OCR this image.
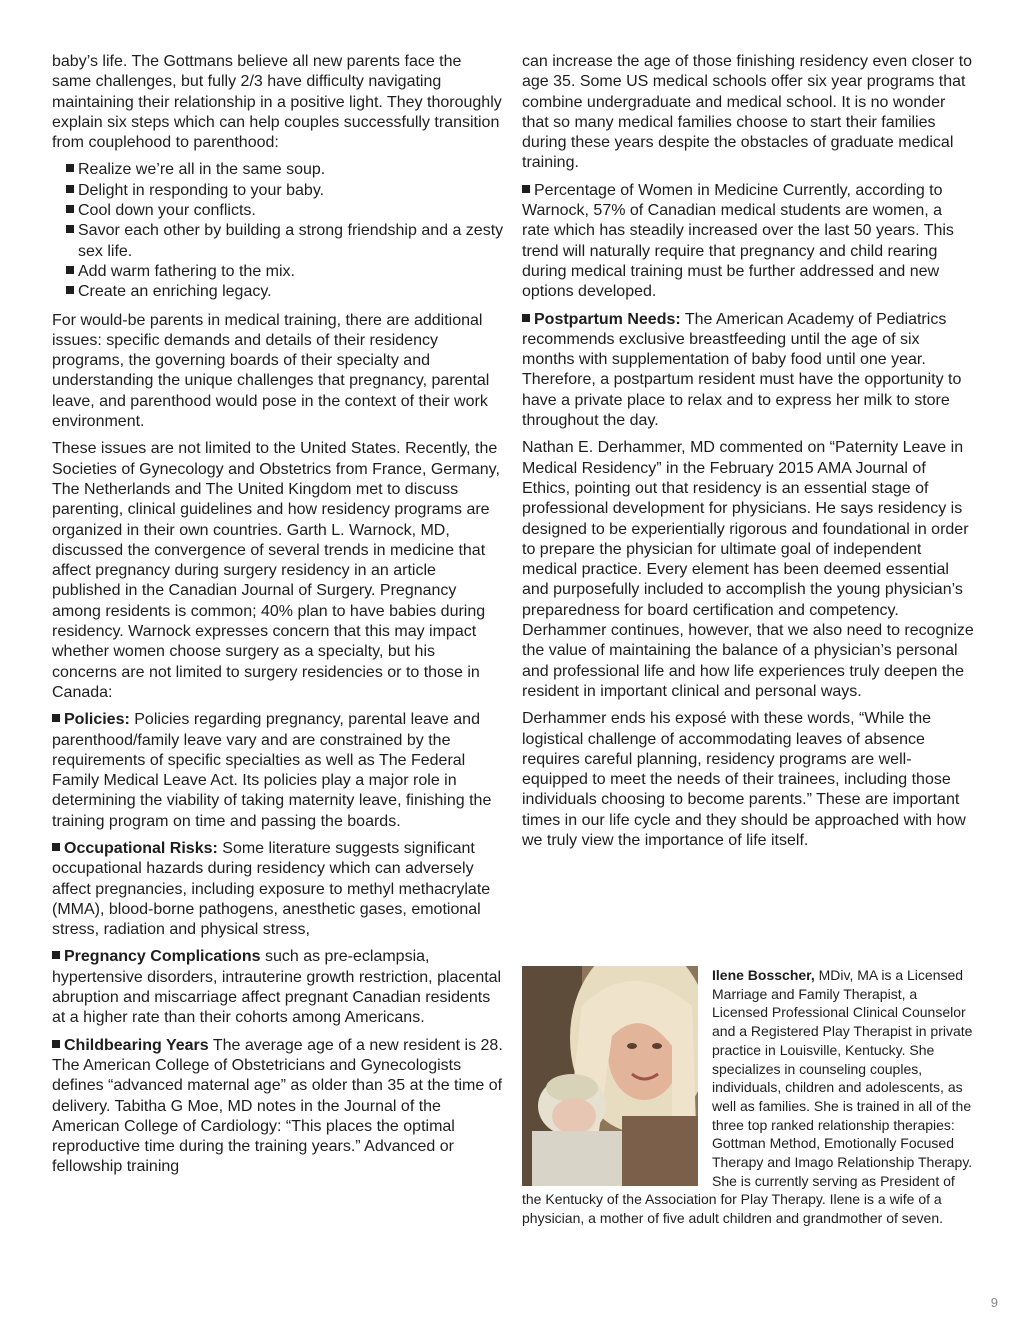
baby’s life. The Gottmans believe all new parents face the same challenges, but fully 2/3 have difficulty navigating maintaining their relationship in a positive light. They thoroughly explain six steps which can help couples successfully transition from couplehood to parenthood:

Realize we’re all in the same soup.
Delight in responding to your baby.
Cool down your conflicts.
Savor each other by building a strong friendship and a zesty sex life.
Add warm fathering to the mix.
Create an enriching legacy.

For would-be parents in medical training, there are additional issues: specific demands and details of their residency programs, the governing boards of their specialty and understanding the unique challenges that pregnancy, parental leave, and parenthood would pose in the context of their work environment.

These issues are not limited to the United States. Recently, the Societies of Gynecology and Obstetrics from France, Germany, The Netherlands and The United Kingdom met to discuss parenting, clinical guidelines and how residency programs are organized in their own countries. Garth L. Warnock, MD, discussed the convergence of several trends in medicine that affect pregnancy during surgery residency in an article published in the Canadian Journal of Surgery. Pregnancy among residents is common; 40% plan to have babies during residency. Warnock expresses concern that this may impact whether women choose surgery as a specialty, but his concerns are not limited to surgery residencies or to those in Canada:

Policies: Policies regarding pregnancy, parental leave and parenthood/family leave vary and are constrained by the requirements of specific specialties as well as The Federal Family Medical Leave Act. Its policies play a major role in determining the viability of taking maternity leave, finishing the training program on time and passing the boards.

Occupational Risks: Some literature suggests significant occupational hazards during residency which can adversely affect pregnancies, including exposure to methyl methacrylate (MMA), blood-borne pathogens, anesthetic gases, emotional stress, radiation and physical stress,

Pregnancy Complications such as pre-eclampsia, hypertensive disorders, intrauterine growth restriction, placental abruption and miscarriage affect pregnant Canadian residents at a higher rate than their cohorts among Americans.

Childbearing Years The average age of a new resident is 28. The American College of Obstetricians and Gynecologists defines “advanced maternal age” as older than 35 at the time of delivery. Tabitha G Moe, MD notes in the Journal of the American College of Cardiology: “This places the optimal reproductive time during the training years.” Advanced or fellowship training

can increase the age of those finishing residency even closer to age 35. Some US medical schools offer six year programs that combine undergraduate and medical school. It is no wonder that so many medical families choose to start their families during these years despite the obstacles of graduate medical training.

Percentage of Women in Medicine Currently, according to Warnock, 57% of Canadian medical students are women, a rate which has steadily increased over the last 50 years. This trend will naturally require that pregnancy and child rearing during medical training must be further addressed and new options developed.

Postpartum Needs: The American Academy of Pediatrics recommends exclusive breastfeeding until the age of six months with supplementation of baby food until one year. Therefore, a postpartum resident must have the opportunity to have a private place to relax and to express her milk to store throughout the day.

Nathan E. Derhammer, MD commented on “Paternity Leave in Medical Residency” in the February 2015 AMA Journal of Ethics, pointing out that residency is an essential stage of professional development for physicians. He says residency is designed to be experientially rigorous and foundational in order to prepare the physician for ultimate goal of independent medical practice. Every element has been deemed essential and purposefully included to accomplish the young physician’s preparedness for board certification and competency. Derhammer continues, however, that we also need to recognize the value of maintaining the balance of a physician’s personal and professional life and how life experiences truly deepen the resident in important clinical and personal ways.

Derhammer ends his exposé with these words, “While the logistical challenge of accommodating leaves of absence requires careful planning, residency programs are well-equipped to meet the needs of their trainees, including those individuals choosing to become parents.” These are important times in our life cycle and they should be approached with how we truly view the importance of life itself.

Ilene Bosscher, MDiv, MA is a Licensed Marriage and Family Therapist, a Licensed Professional Clinical Counselor and a Registered Play Therapist in private practice in Louisville, Kentucky. She specializes in counseling couples, individuals, children and adolescents, as well as families. She is trained in all of the three top ranked relationship therapies: Gottman Method, Emotionally Focused Therapy and Imago Relationship Therapy. She is currently serving as President of the Kentucky of the Association for Play Therapy. Ilene is a wife of a physician, a mother of five adult children and grandmother of seven.

9
